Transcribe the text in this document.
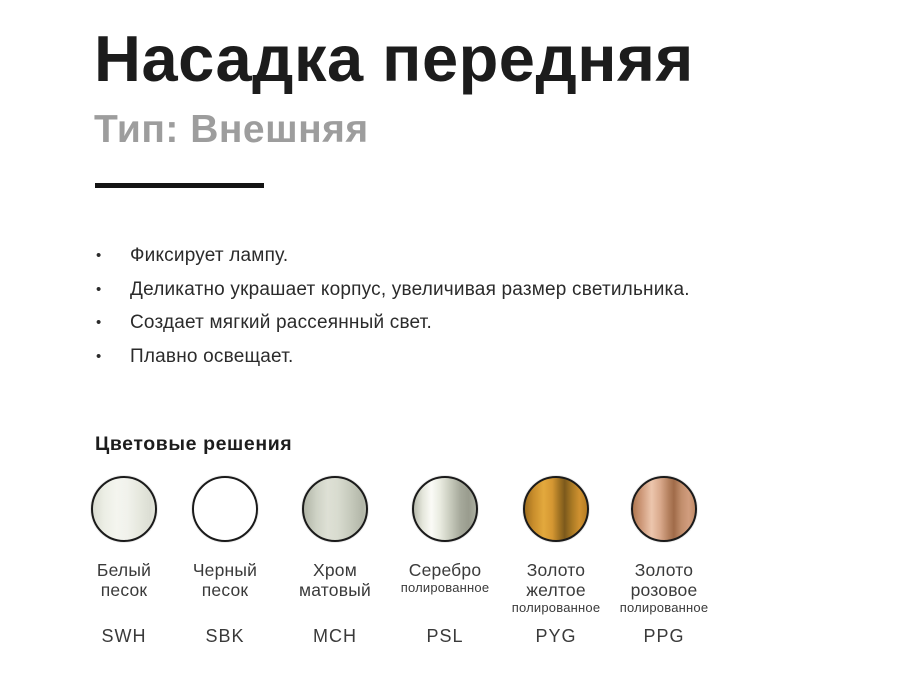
Насадка передняя
Тип: Внешняя
•	Фиксирует лампу.
•	Деликатно украшает корпус, увеличивая размер светильника.
•	Создает мягкий рассеянный свет.
•	Плавно освещает.
Цветовые решения
Белый
песок
SWH
Черный
песок
SBK
Хром
матовый
MCH
Серебро
полированное
PSL
Золото
желтое
полированное
PYG
Золото
розовое
полированное
PPG
